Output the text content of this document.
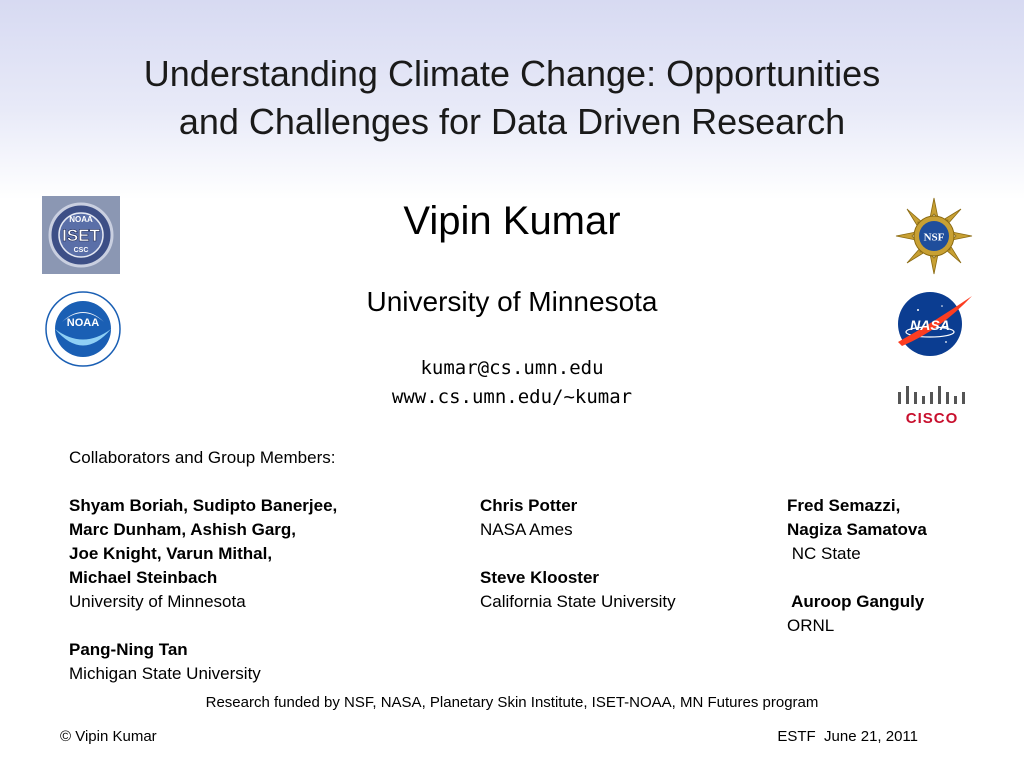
Understanding Climate Change: Opportunities
and Challenges for Data Driven Research
Vipin Kumar
University of Minnesota
kumar@cs.umn.edu
www.cs.umn.edu/~kumar
NOAA
ISET
CSC
NOAA
NSF
NASA
CISCO
Collaborators and Group Members:
Shyam Boriah, Sudipto Banerjee,
Marc Dunham, Ashish Garg,
Joe Knight, Varun Mithal,
Michael Steinbach
University of Minnesota

Pang-Ning Tan
Michigan State University
Chris Potter
NASA Ames

Steve Klooster
California State University
Fred Semazzi,
Nagiza Samatova
NC State

Auroop Ganguly
ORNL
Research funded by NSF, NASA, Planetary Skin Institute, ISET-NOAA, MN Futures program
© Vipin Kumar	ESTF  June 21, 2011
